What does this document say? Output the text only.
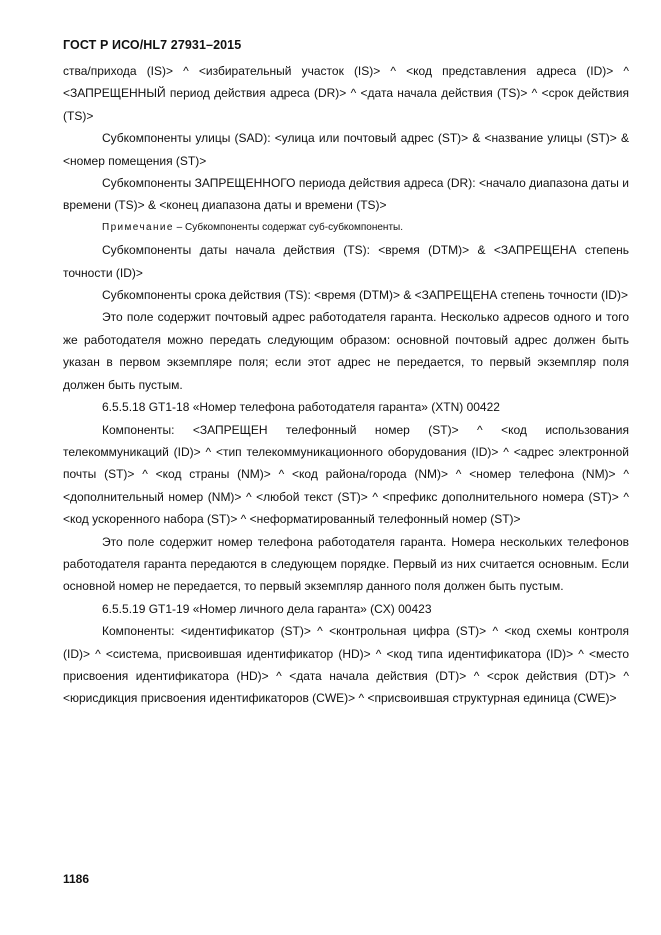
ГОСТ Р ИСО/HL7 27931–2015

ства/прихода (IS)> ^ <избирательный участок (IS)> ^ <код представления адреса (ID)> ^ <ЗАПРЕЩЕННЫЙ период действия адреса (DR)> ^ <дата начала действия (TS)> ^ <срок действия (TS)>

Субкомпоненты улицы (SAD): <улица или почтовый адрес (ST)> & <название улицы (ST)> & <номер помещения (ST)>

Субкомпоненты ЗАПРЕЩЕННОГО периода действия адреса (DR): <начало диапазона даты и времени (TS)> & <конец диапазона даты и времени (TS)>

Примечание – Субкомпоненты содержат суб-субкомпоненты.

Субкомпоненты даты начала действия (TS): <время (DTM)> & <ЗАПРЕЩЕНА степень точности (ID)>

Субкомпоненты срока действия (TS): <время (DTM)> & <ЗАПРЕЩЕНА степень точности (ID)>

Это поле содержит почтовый адрес работодателя гаранта. Несколько адресов одного и того же работодателя можно передать следующим образом: основной почтовый адрес должен быть указан в первом экземпляре поля; если этот адрес не передается, то первый экземпляр поля должен быть пустым.

6.5.5.18 GT1-18 «Номер телефона работодателя гаранта» (XTN) 00422

Компоненты: <ЗАПРЕЩЕН телефонный номер (ST)> ^ <код использования телекоммуникаций (ID)> ^ <тип телекоммуникационного оборудования (ID)> ^ <адрес электронной почты (ST)> ^ <код страны (NM)> ^ <код района/города (NM)> ^ <номер телефона (NM)> ^ <дополнительный номер (NM)> ^ <любой текст (ST)> ^ <префикс дополнительного номера (ST)> ^ <код ускоренного набора (ST)> ^ <неформатированный телефонный номер (ST)>

Это поле содержит номер телефона работодателя гаранта. Номера нескольких телефонов работодателя гаранта передаются в следующем порядке. Первый из них считается основным. Если основной номер не передается, то первый экземпляр данного поля должен быть пустым.

6.5.5.19 GT1-19 «Номер личного дела гаранта» (CX) 00423

Компоненты: <идентификатор (ST)> ^ <контрольная цифра (ST)> ^ <код схемы контроля (ID)> ^ <система, присвоившая идентификатор (HD)> ^ <код типа идентификатора (ID)> ^ <место присвоения идентификатора (HD)> ^ <дата начала действия (DT)> ^ <срок действия (DT)> ^ <юрисдикция присвоения идентификаторов (CWE)> ^ <присвоившая структурная единица (CWE)>

1186
